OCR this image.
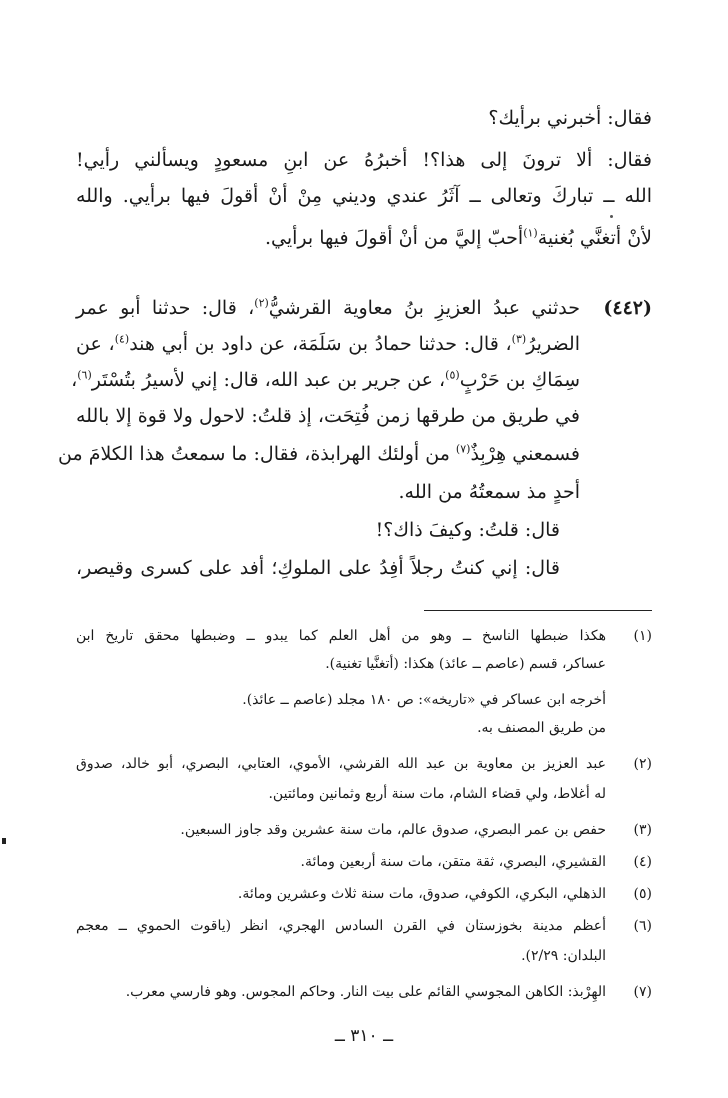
فقال: أخبرني برأيك؟
فقال: ألا ترونَ إلى هذا؟! أخبرُهُ عن ابنِ مسعودٍ ويسألني رأيي!
الله ــ تباركَ وتعالى ــ آثَرُ عندي وديني مِنْ أنْ أقولَ فيها برأيي. والله
لأنْ أتغنَّي بُغنية$^{(١)}$أحبّ إليَّ من أنْ أقولَ فيها برأيي.
(٤٤٢)
حدثني عبدُ العزيزِ بنُ معاوية القرشيُّ$^{(٢)}$، قال: حدثنا أبو عمر
الضريرُ$^{(٣)}$، قال: حدثنا حمادُ بن سَلَمَة، عن داود بن أبي هند$^{(٤)}$، عن
سِمَاكِ بن حَرْبٍ$^{(٥)}$، عن جرير بن عبد الله، قال: إني لأسيرُ بتُسْتَر$^{(٦)}$،
في طريق من طرقها زمن فُتِحَت، إذ قلتُ: لاحول ولا قوة إلا بالله
فسمعني هِرْبِذٌ$^{(٧)}$ من أولئك الهرابذة، فقال: ما سمعتُ هذا الكلامَ من
أحدٍ مذ سمعتُهُ من الله.
قال: قلتُ: وكيفَ ذاك؟!
قال: إني كنتُ رجلاً أفِدُ على الملوكِ؛ أفد على كسرى وقيصر،
(١)
هكذا ضبطها الناسخ ــ وهو من أهل العلم كما يبدو ــ وضبطها محقق تاريخ ابن
عساكر، قسم (عاصم ــ عائذ) هكذا: (أتغنَّيا تغنية).
أخرجه ابن عساكر في «تاريخه»: ص ١٨٠ مجلد (عاصم ــ عائذ).
من طريق المصنف به.
(٢)
عبد العزيز بن معاوية بن عبد الله القرشي، الأموي، العتابي، البصري، أبو خالد، صدوق
له أغلاط، ولي قضاء الشام، مات سنة أربع وثمانين ومائتين.
(٣)
حفص بن عمر البصري، صدوق عالم، مات سنة عشرين وقد جاوز السبعين.
(٤)
القشيري، البصري، ثقة متقن، مات سنة أربعين ومائة.
(٥)
الذهلي، البكري، الكوفي، صدوق، مات سنة ثلاث وعشرين ومائة.
(٦)
أعظم مدينة بخوزستان في القرن السادس الهجري، انظر (ياقوت الحموي ــ معجم
البلدان: ٢/٢٩).
(٧)
الهِرْبذ: الكاهن المجوسي القائم على بيت النار. وحاكم المجوس. وهو فارسي معرب.
ــ ٣١٠ ــ
